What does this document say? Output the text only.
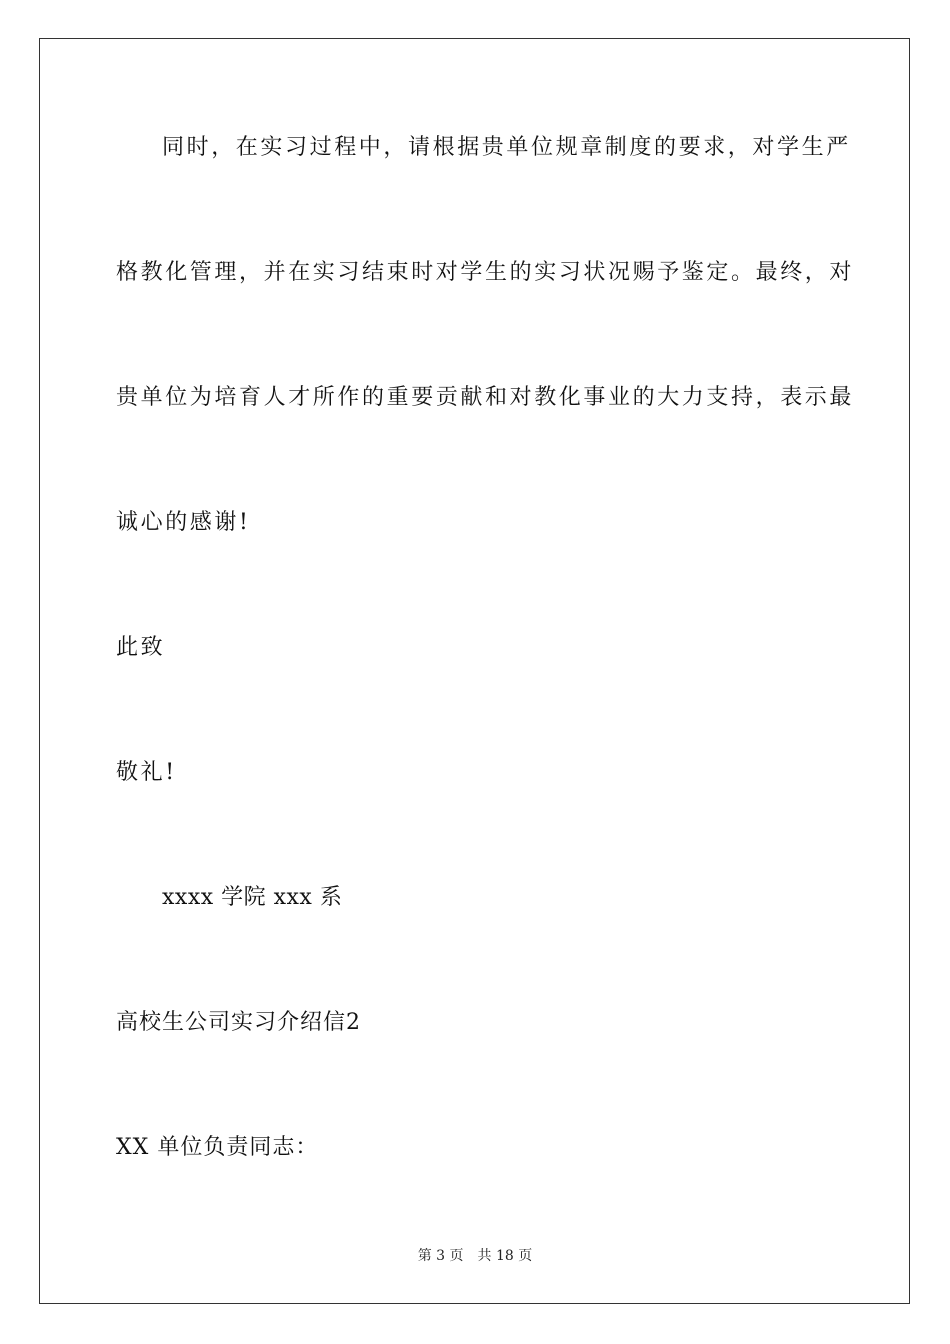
同时，在实习过程中，请根据贵单位规章制度的要求，对学生严
格教化管理，并在实习结束时对学生的实习状况赐予鉴定。最终，对
贵单位为培育人才所作的重要贡献和对教化事业的大力支持，表示最
诚心的感谢!
此致
敬礼!
xxxx 学院 xxx 系
高校生公司实习介绍信2
XX 单位负责同志：
第 3 页 共 18 页
